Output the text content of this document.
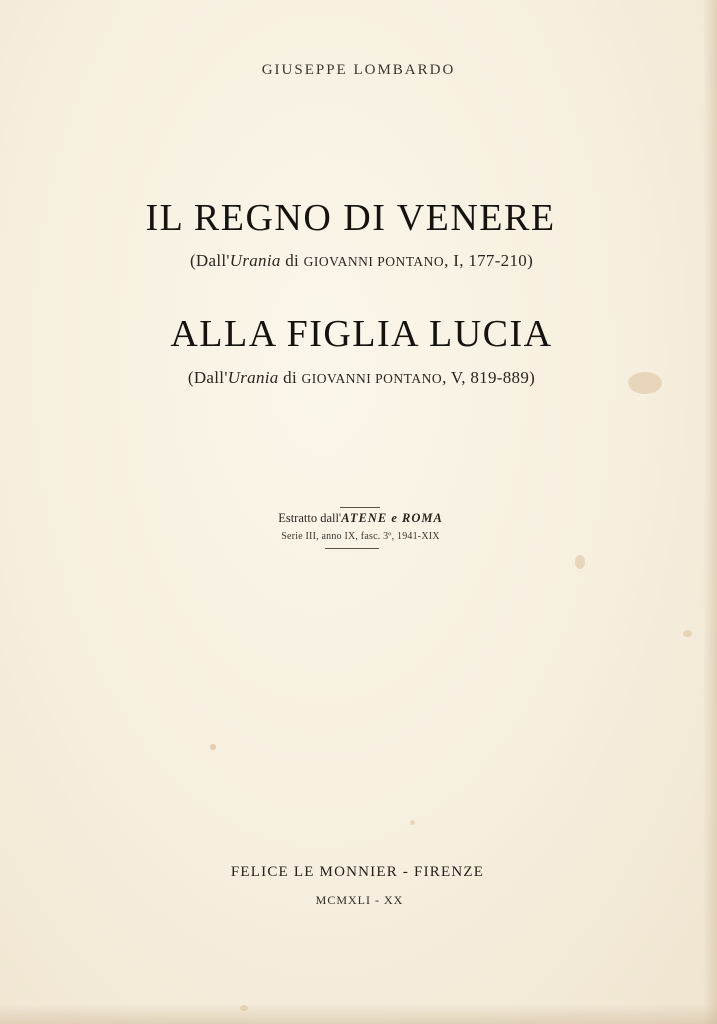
GIUSEPPE LOMBARDO
IL REGNO DI VENERE
(Dall'Urania di GIOVANNI PONTANO, I, 177-210)
ALLA FIGLIA LUCIA
(Dall'Urania di GIOVANNI PONTANO, V, 819-889)
Estratto dall'ATENE e ROMA
Serie III, anno IX, fasc. 3º, 1941-XIX
FELICE LE MONNIER - FIRENZE
MCMXLI - XX
